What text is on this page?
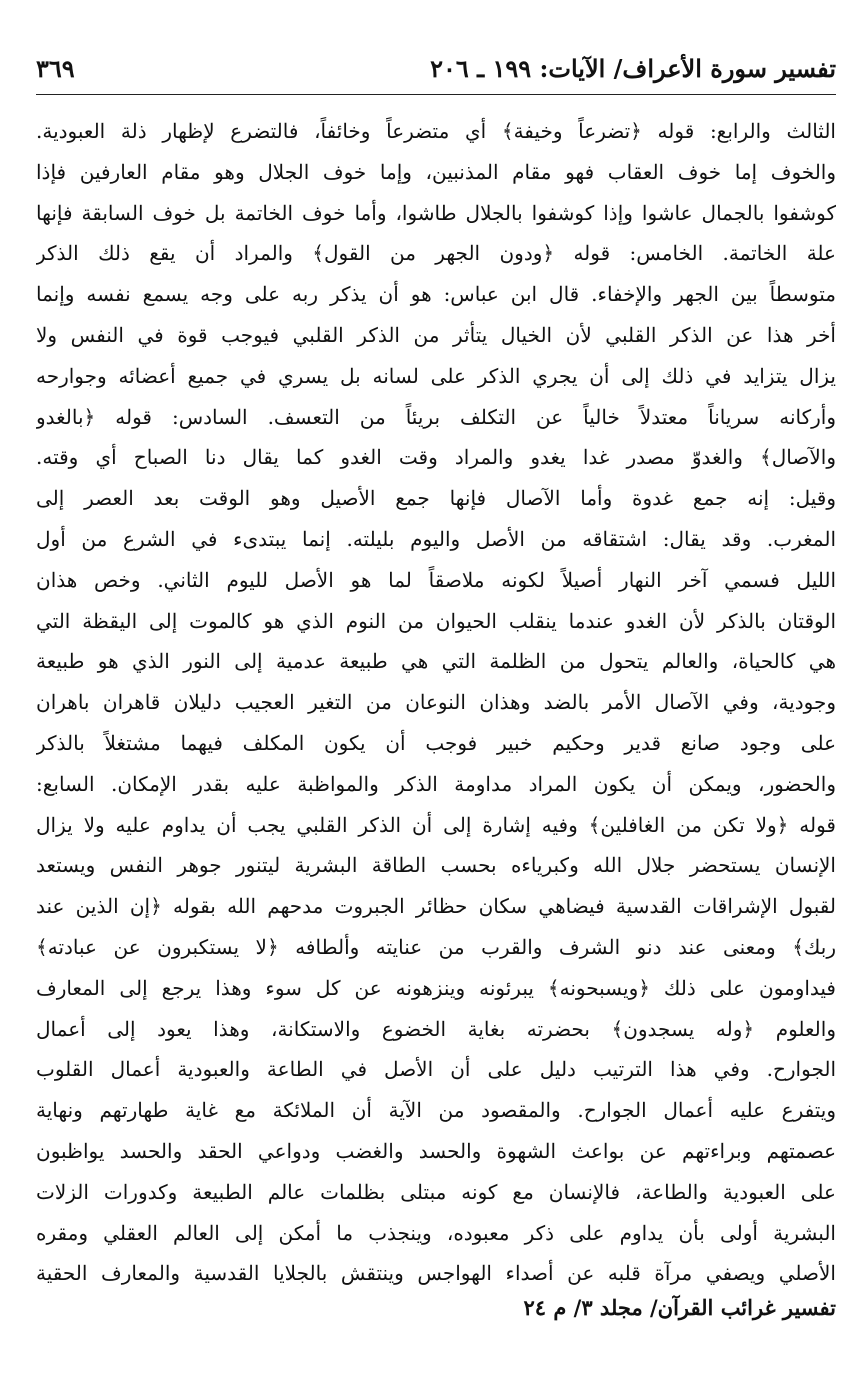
تفسير سورة الأعراف/ الآيات: ١٩٩ ـ ٢٠٦
٣٦٩
الثالث والرابع: قوله ﴿تضرعاً وخيفة﴾ أي متضرعاً وخائفاً، فالتضرع لإظهار ذلة العبودية.
والخوف إما خوف العقاب فهو مقام المذنبين، وإما خوف الجلال وهو مقام العارفين فإذا
كوشفوا بالجمال عاشوا وإذا كوشفوا بالجلال طاشوا، وأما خوف الخاتمة بل خوف السابقة فإنها
علة الخاتمة. الخامس: قوله ﴿ودون الجهر من القول﴾ والمراد أن يقع ذلك الذكر
متوسطاً بين الجهر والإخفاء. قال ابن عباس: هو أن يذكر ربه على وجه يسمع نفسه وإنما
أخر هذا عن الذكر القلبي لأن الخيال يتأثر من الذكر القلبي فيوجب قوة في النفس ولا
يزال يتزايد في ذلك إلى أن يجري الذكر على لسانه بل يسري في جميع أعضائه وجوارحه
وأركانه سرياناً معتدلاً خالياً عن التكلف بريئاً من التعسف. السادس: قوله ﴿بالغدو
والآصال﴾ والغدوّ مصدر غدا يغدو والمراد وقت الغدو كما يقال دنا الصباح أي وقته.
وقيل: إنه جمع غدوة وأما الآصال فإنها جمع الأصيل وهو الوقت بعد العصر إلى
المغرب. وقد يقال: اشتقاقه من الأصل واليوم بليلته. إنما يبتدىء في الشرع من أول
الليل فسمي آخر النهار أصيلاً لكونه ملاصقاً لما هو الأصل لليوم الثاني. وخص هذان
الوقتان بالذكر لأن الغدو عندما ينقلب الحيوان من النوم الذي هو كالموت إلى اليقظة التي
هي كالحياة، والعالم يتحول من الظلمة التي هي طبيعة عدمية إلى النور الذي هو طبيعة
وجودية، وفي الآصال الأمر بالضد وهذان النوعان من التغير العجيب دليلان قاهران باهران
على وجود صانع قدير وحكيم خبير فوجب أن يكون المكلف فيهما مشتغلاً بالذكر
والحضور، ويمكن أن يكون المراد مداومة الذكر والمواظبة عليه بقدر الإمكان. السابع:
قوله ﴿ولا تكن من الغافلين﴾ وفيه إشارة إلى أن الذكر القلبي يجب أن يداوم عليه ولا يزال
الإنسان يستحضر جلال الله وكبرياءه بحسب الطاقة البشرية ليتنور جوهر النفس ويستعد
لقبول الإشراقات القدسية فيضاهي سكان حظائر الجبروت مدحهم الله بقوله ﴿إن الذين عند
ربك﴾ ومعنى عند دنو الشرف والقرب من عنايته وألطافه ﴿لا يستكبرون عن عبادته﴾
فيداومون على ذلك ﴿ويسبحونه﴾ يبرئونه وينزهونه عن كل سوء وهذا يرجع إلى المعارف
والعلوم ﴿وله يسجدون﴾ بحضرته بغاية الخضوع والاستكانة، وهذا يعود إلى أعمال
الجوارح. وفي هذا الترتيب دليل على أن الأصل في الطاعة والعبودية أعمال القلوب
ويتفرع عليه أعمال الجوارح. والمقصود من الآية أن الملائكة مع غاية طهارتهم ونهاية
عصمتهم وبراءتهم عن بواعث الشهوة والحسد والغضب ودواعي الحقد والحسد يواظبون
على العبودية والطاعة، فالإنسان مع كونه مبتلى بظلمات عالم الطبيعة وكدورات الزلات
البشرية أولى بأن يداوم على ذكر معبوده، وينجذب ما أمكن إلى العالم العقلي ومقره
الأصلي ويصفي مرآة قلبه عن أصداء الهواجس وينتقش بالجلايا القدسية والمعارف الحقية
تفسير غرائب القرآن/ مجلد ٣/ م ٢٤
